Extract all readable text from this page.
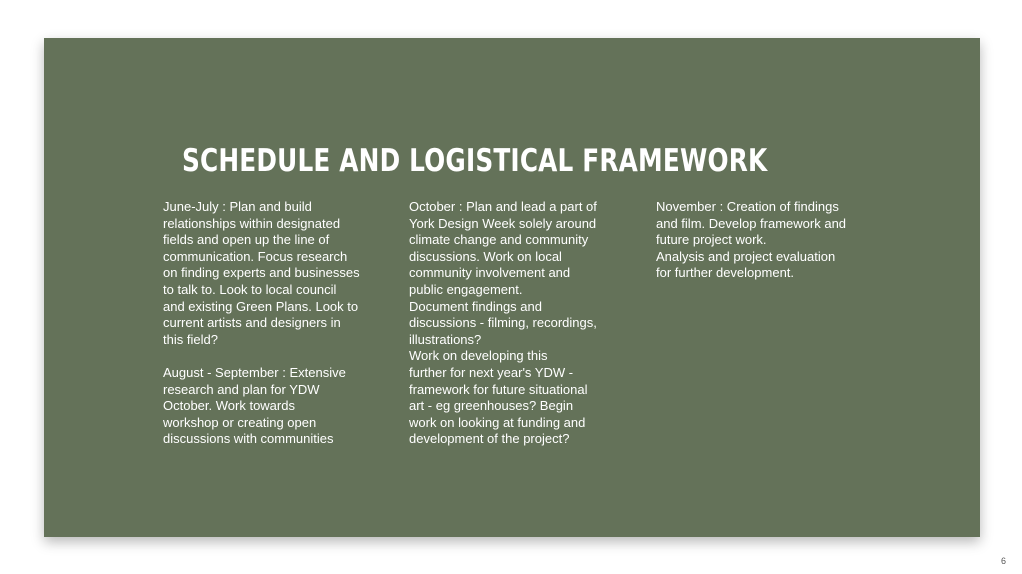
SCHEDULE AND LOGISTICAL FRAMEWORK

June-July : Plan and build
relationships within designated
fields and open up the line of
communication. Focus research
on finding experts and businesses
to talk to. Look to local council
and existing Green Plans. Look to
current artists and designers in
this field?

August - September : Extensive
research and plan for YDW
October. Work towards
workshop or creating open
discussions with communities

October : Plan and lead a part of
York Design Week solely around
climate change and community
discussions. Work on local
community involvement and
public engagement.
Document findings and
discussions - filming, recordings,
illustrations?
Work on developing this
further for next year's YDW -
framework for future situational
art - eg greenhouses? Begin
work on looking at funding and
development of the project?

November : Creation of findings
and film. Develop framework and
future project work.
Analysis and project evaluation
for further development.

6
